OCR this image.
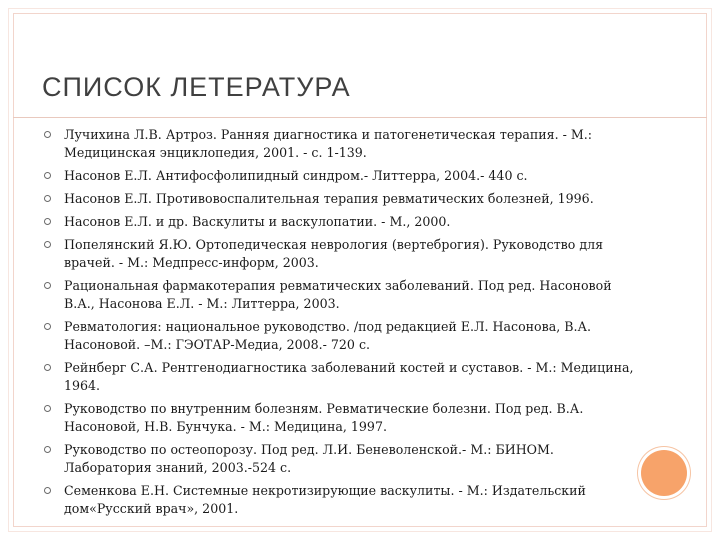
СПИСОК ЛЕТЕРАТУРА
Лучихина Л.В. Артроз. Ранняя диагностика и патогенетическая терапия. - М.: Медицинская энциклопедия, 2001. - с. 1-139.
Насонов Е.Л. Антифосфолипидный синдром.- Литтерра, 2004.- 440 с.
Насонов Е.Л. Противовоспалительная терапия ревматических болезней, 1996.
Насонов Е.Л. и др. Васкулиты и васкулопатии. - М., 2000.
Попелянский Я.Ю. Ортопедическая неврология (вертеброгия). Руководство для врачей. - М.: Медпресс-информ, 2003.
Рациональная фармакотерапия ревматических заболеваний. Под ред. Насоновой В.А., Насонова Е.Л. - М.: Литтерра, 2003.
Ревматология: национальное руководство. /под редакцией Е.Л. Насонова, В.А. Насоновой. –М.: ГЭОТАР-Медиа, 2008.- 720 с.
Рейнберг С.А. Рентгенодиагностика заболеваний костей и суставов. - М.: Медицина, 1964.
Руководство по внутренним болезням. Ревматические болезни. Под ред. В.А. Насоновой, Н.В. Бунчука. - М.: Медицина, 1997.
Руководство по остеопорозу. Под ред. Л.И. Беневоленской.- М.: БИНОМ. Лаборатория знаний, 2003.-524 с.
Семенкова Е.Н. Системные некротизирующие васкулиты. - М.: Издательский дом«Русский врач», 2001.
